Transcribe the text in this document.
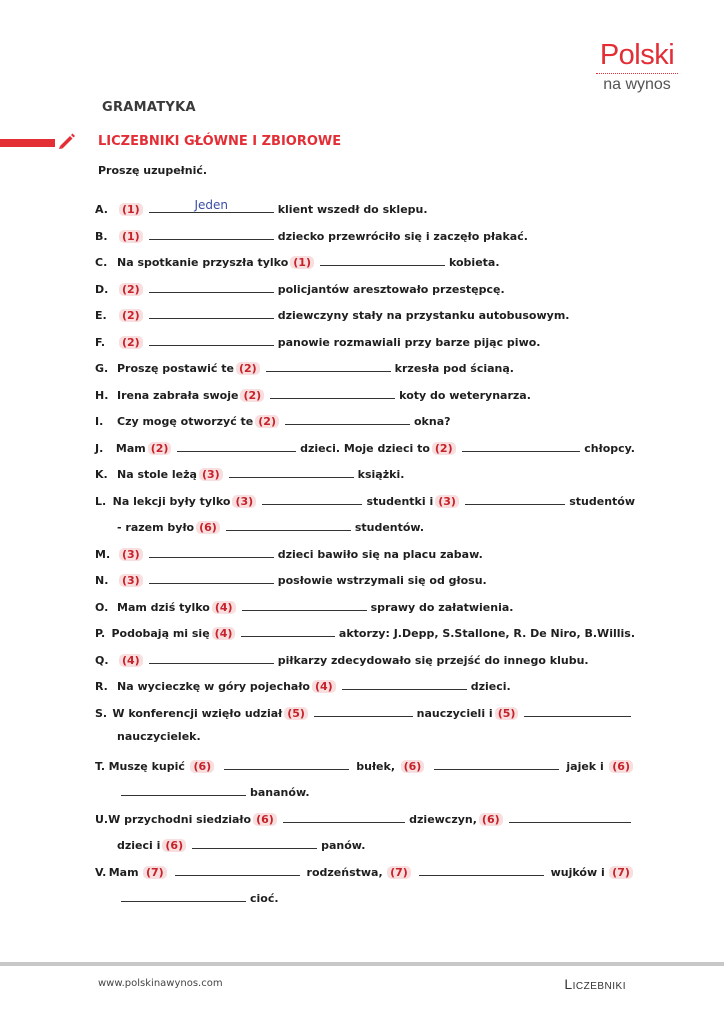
Polski
na wynos
GRAMATYKA
LICZEBNIKI GŁÓWNE I ZBIOROWE
Proszę uzupełnić.
A.	(1)	Jeden	klient wszedł do sklepu.
B.	(1)	dziecko przewróciło się i zaczęło płakać.
C. Na spotkanie przyszła tylko (1)	kobieta.
D.	(2)	policjantów aresztowało przestępcę.
E.	(2)	dziewczyny stały na przystanku autobusowym.
F.	(2)	panowie rozmawiali przy barze pijąc piwo.
G. Proszę postawić te (2)	krzesła pod ścianą.
H. Irena zabrała swoje (2)	koty do weterynarza.
I.	Czy mogę otworzyć te (2)	okna?
J.	Mam (2)	dzieci. Moje dzieci to (2)	chłopcy.
K. Na stole leżą (3)	książki.
L. Na lekcji były tylko (3)	studentki i (3)	studentów
- razem było (6)	studentów.
M.	(3)	dzieci bawiło się na placu zabaw.
N.	(3)	posłowie wstrzymali się od głosu.
O. Mam dziś tylko (4)	sprawy do załatwienia.
P. Podobają mi się (4)	aktorzy: J.Depp, S.Stallone, R. De Niro, B.Willis.
Q.	(4)	piłkarzy zdecydowało się przejść do innego klubu.
R. Na wycieczkę w góry pojechało (4)	dzieci.
S. W konferencji wzięło udział (5)	nauczycieli i (5)
nauczycielek.
T. Muszę kupić (6)	bułek, (6)	jajek i (6)
bananów.
U. W przychodni siedziało (6)	dziewczyn, (6)
dzieci i (6)	panów.
V. Mam (7)	rodzeństwa, (7)	wujków i (7)
cioć.
www.polskinawynos.com	Liczebniki
